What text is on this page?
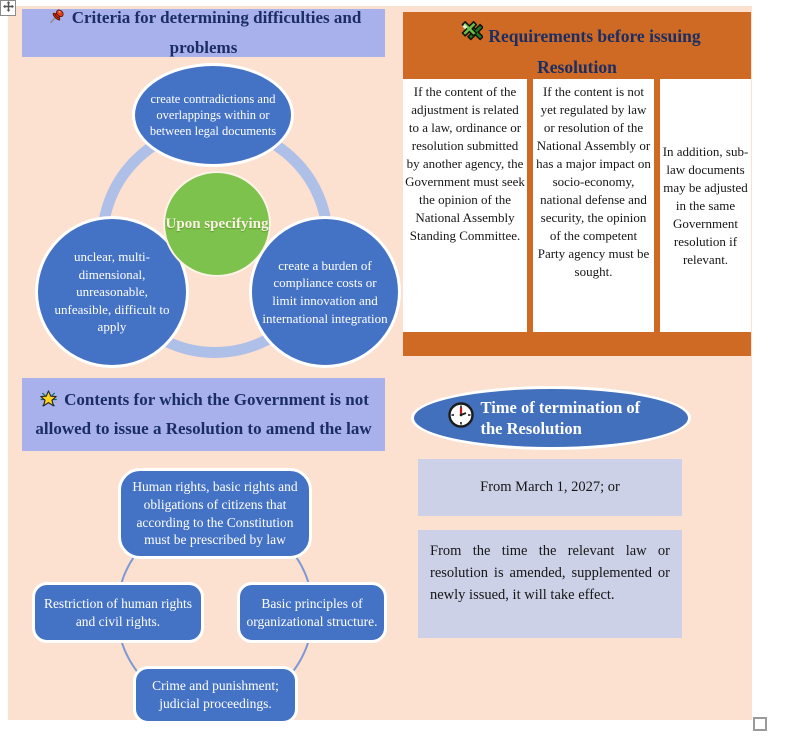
Criteria for determining difficulties and problems
create contradictions and overlappings within or between legal documents
unclear, multi-dimensional, unreasonable, unfeasible, difficult to apply
create a burden of compliance costs or limit innovation and international integration
Upon specifying
Requirements before issuing Resolution
If the content of the adjustment is related to a law, ordinance or resolution submitted by another agency, the Government must seek the opinion of the National Assembly Standing Committee.
If the content is not yet regulated by law or resolution of the National Assembly or has a major impact on socio-economy, national defense and security, the opinion of the competent Party agency must be sought.
In addition, sub-law documents may be adjusted in the same Government resolution if relevant.
Contents for which the Government is not allowed to issue a Resolution to amend the law
Human rights, basic rights and obligations of citizens that according to the Constitution must be prescribed by law
Restriction of human rights and civil rights.
Basic principles of organizational structure.
Crime and punishment; judicial proceedings.
Time of termination of the Resolution
From March 1, 2027; or
From the time the relevant law or resolution is amended, supplemented or newly issued, it will take effect.
